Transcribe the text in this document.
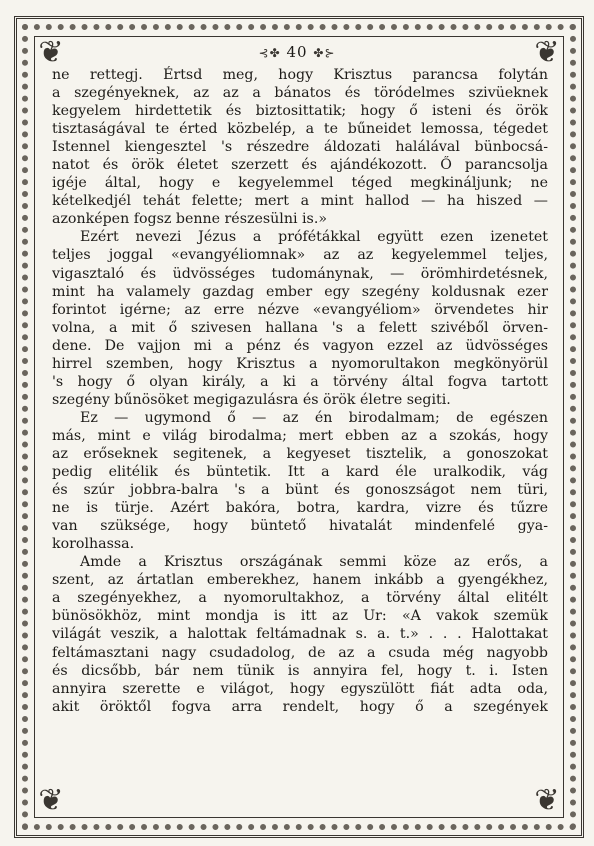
❦	❦
❦	❦
⊰✤ 40 ✤⊱
ne rettegj. Értsd meg, hogy Krisztus parancsa folytán
a szegényeknek, az az a bánatos és töródelmes szivüeknek
kegyelem hirdettetik és biztosittatik; hogy ő isteni és örök
tisztaságával te érted közbelép, a te bűneidet lemossa, tégedet
Istennel kiengesztel 's részedre áldozati halálával bünbocsá-
natot és örök életet szerzett és ajándékozott. Ő parancsolja
igéje által, hogy e kegyelemmel téged megkináljunk; ne
kételkedjél tehát felette; mert a mint hallod — ha hiszed —
azonképen fogsz benne részesülni is.»
Ezért nevezi Jézus a prófétákkal együtt ezen izenetet
teljes joggal «evangyéliomnak» az az kegyelemmel teljes,
vigasztaló és üdvösséges tudománynak, — örömhirdetésnek,
mint ha valamely gazdag ember egy szegény koldusnak ezer
forintot igérne; az erre nézve «evangyéliom» örvendetes hir
volna, a mit ő szivesen hallana 's a felett szivéből örven-
dene. De vajjon mi a pénz és vagyon ezzel az üdvösséges
hirrel szemben, hogy Krisztus a nyomorultakon megkönyörül
's hogy ő olyan király, a ki a törvény által fogva tartott
szegény bűnösöket megigazulásra és örök életre segiti.
Ez — ugymond ő — az én birodalmam; de egészen
más, mint e világ birodalma; mert ebben az a szokás, hogy
az erőseknek segitenek, a kegyeset tisztelik, a gonoszokat
pedig elitélik és büntetik. Itt a kard éle uralkodik, vág
és szúr jobbra-balra 's a bünt és gonoszságot nem türi,
ne is türje. Azért bakóra, botra, kardra, vizre és tűzre
van szüksége, hogy büntető hivatalát mindenfelé gya-
korolhassa.
Amde a Krisztus országának semmi köze az erős, a
szent, az ártatlan emberekhez, hanem inkább a gyengékhez,
a szegényekhez, a nyomorultakhoz, a törvény által elitélt
bünösökhöz, mint mondja is itt az Ur: «A vakok szemük
világát veszik, a halottak feltámadnak s. a. t.» . . . Halottakat
feltámasztani nagy csudadolog, de az a csuda még nagyobb
és dicsőbb, bár nem tünik is annyira fel, hogy t. i. Isten
annyira szerette e világot, hogy egyszülött fiát adta oda,
akit öröktől fogva arra rendelt, hogy ő a szegények
